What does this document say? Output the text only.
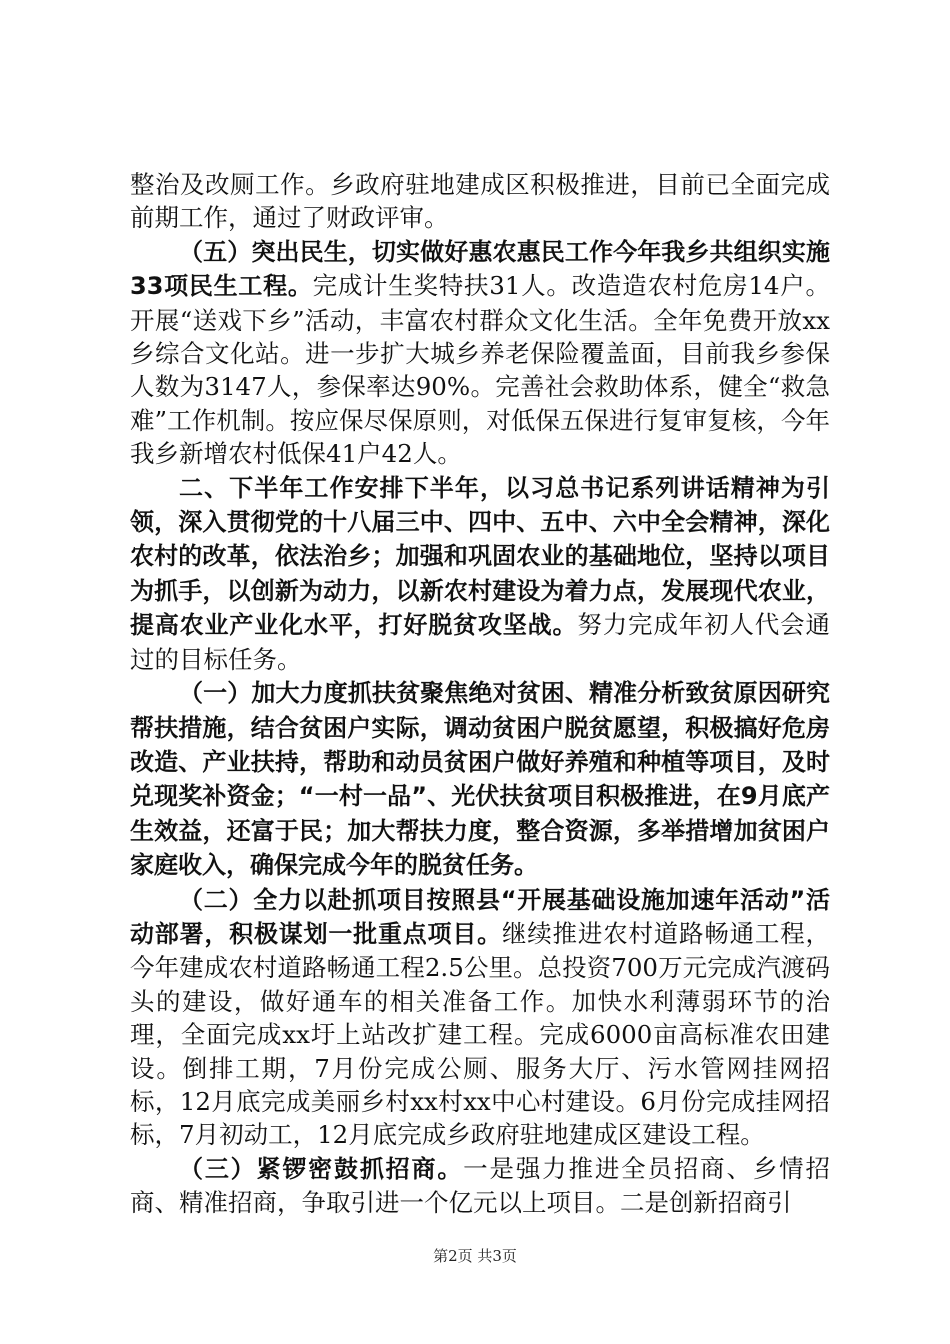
整治及改厕工作。乡政府驻地建成区积极推进，目前已全面完成前期工作，通过了财政评审。

（五）突出民生，切实做好惠农惠民工作今年我乡共组织实施33项民生工程。完成计生奖特扶31人。改造造农村危房14户。开展“送戏下乡”活动，丰富农村群众文化生活。全年免费开放xx乡综合文化站。进一步扩大城乡养老保险覆盖面，目前我乡参保人数为3147人，参保率达90%。完善社会救助体系，健全“救急难”工作机制。按应保尽保原则，对低保五保进行复审复核，今年我乡新增农村低保41户42人。

二、下半年工作安排下半年，以习总书记系列讲话精神为引领，深入贯彻党的十八届三中、四中、五中、六中全会精神，深化农村的改革，依法治乡；加强和巩固农业的基础地位，坚持以项目为抓手，以创新为动力，以新农村建设为着力点，发展现代农业，提高农业产业化水平，打好脱贫攻坚战。努力完成年初人代会通过的目标任务。

（一）加大力度抓扶贫聚焦绝对贫困、精准分析致贫原因研究帮扶措施，结合贫困户实际，调动贫困户脱贫愿望，积极搞好危房改造、产业扶持，帮助和动员贫困户做好养殖和种植等项目，及时兑现奖补资金；“一村一品”、光伏扶贫项目积极推进，在9月底产生效益，还富于民；加大帮扶力度，整合资源，多举措增加贫困户家庭收入，确保完成今年的脱贫任务。

（二）全力以赴抓项目按照县“开展基础设施加速年活动”活动部署，积极谋划一批重点项目。继续推进农村道路畅通工程，今年建成农村道路畅通工程2.5公里。总投资700万元完成汽渡码头的建设，做好通车的相关准备工作。加快水利薄弱环节的治理，全面完成xx圩上站改扩建工程。完成6000亩高标准农田建设。倒排工期，7月份完成公厕、服务大厅、污水管网挂网招标，12月底完成美丽乡村xx村xx中心村建设。6月份完成挂网招标，7月初动工，12月底完成乡政府驻地建成区建设工程。

（三）紧锣密鼓抓招商。一是强力推进全员招商、乡情招商、精准招商，争取引进一个亿元以上项目。二是创新招商引

第2页 共3页
